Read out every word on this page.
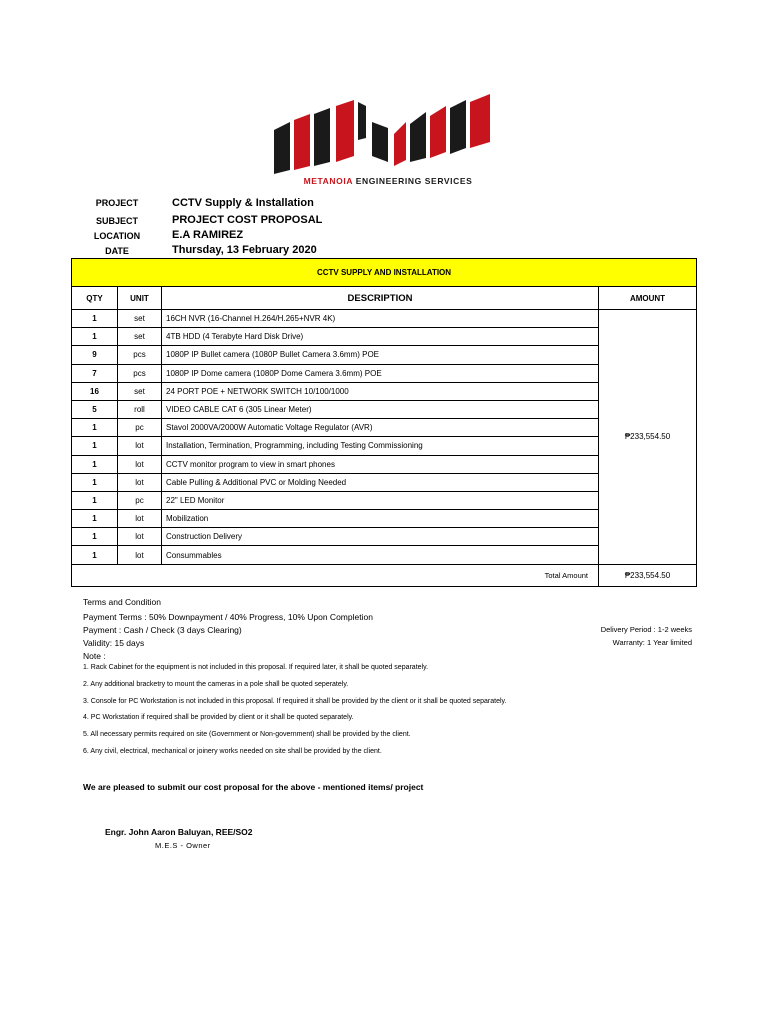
METANOIA ENGINEERING SERVICES
PROJECT	CCTV Supply & Installation
SUBJECT	PROJECT COST PROPOSAL
LOCATION	E.A RAMIREZ
DATE	Thursday, 13 February 2020
CCTV SUPPLY AND INSTALLATION			
QTY	UNIT	DESCRIPTION	AMOUNT
1	set	16CH NVR (16-Channel H.264/H.265+NVR 4K)	₱233,554.50
1	set	4TB HDD (4 Terabyte Hard Disk Drive)	
9	pcs	1080P IP Bullet camera (1080P Bullet Camera 3.6mm) POE	
7	pcs	1080P IP Dome camera (1080P Dome Camera 3.6mm) POE	
16	set	24 PORT POE + NETWORK SWITCH 10/100/1000	
5	roll	VIDEO CABLE CAT 6 (305 Linear Meter)	
1	pc	Stavol 2000VA/2000W Automatic Voltage Regulator (AVR)	
1	lot	Installation, Termination, Programming, including Testing Commissioning	
1	lot	CCTV monitor program to view in smart phones	
1	lot	Cable Pulling & Additional PVC or Molding Needed	
1	pc	22" LED Monitor	
1	lot	Mobilization	
1	lot	Construction Delivery	
1	lot	Consummables	
Total Amount			₱233,554.50
Terms and Condition
Payment Terms : 50% Downpayment / 40% Progress, 10% Upon Completion
Payment : Cash / Check (3 days Clearing)
Validity: 15 days
Note :
Delivery Period : 1-2 weeks
Warranty: 1 Year limited
1. Rack Cabinet for the equipment is not included in this proposal. If required later, it shall be quoted separately.
2. Any additional bracketry to mount the cameras in a pole shall be quoted seperately.
3. Console for PC Workstation is not included in this proposal. If required it shall be provided by the client or it shall be quoted separately.
4. PC Workstation if required shall be provided by client or it shall be quoted separately.
5. All necessary permits required on site (Government or Non-government) shall be provided by the client.
6. Any civil, electrical, mechanical or joinery works needed on site shall be provided by the client.
We are pleased to submit our cost proposal for the above - mentioned items/ project
Engr. John Aaron Baluyan, REE/SO2
M.E.S - Owner
